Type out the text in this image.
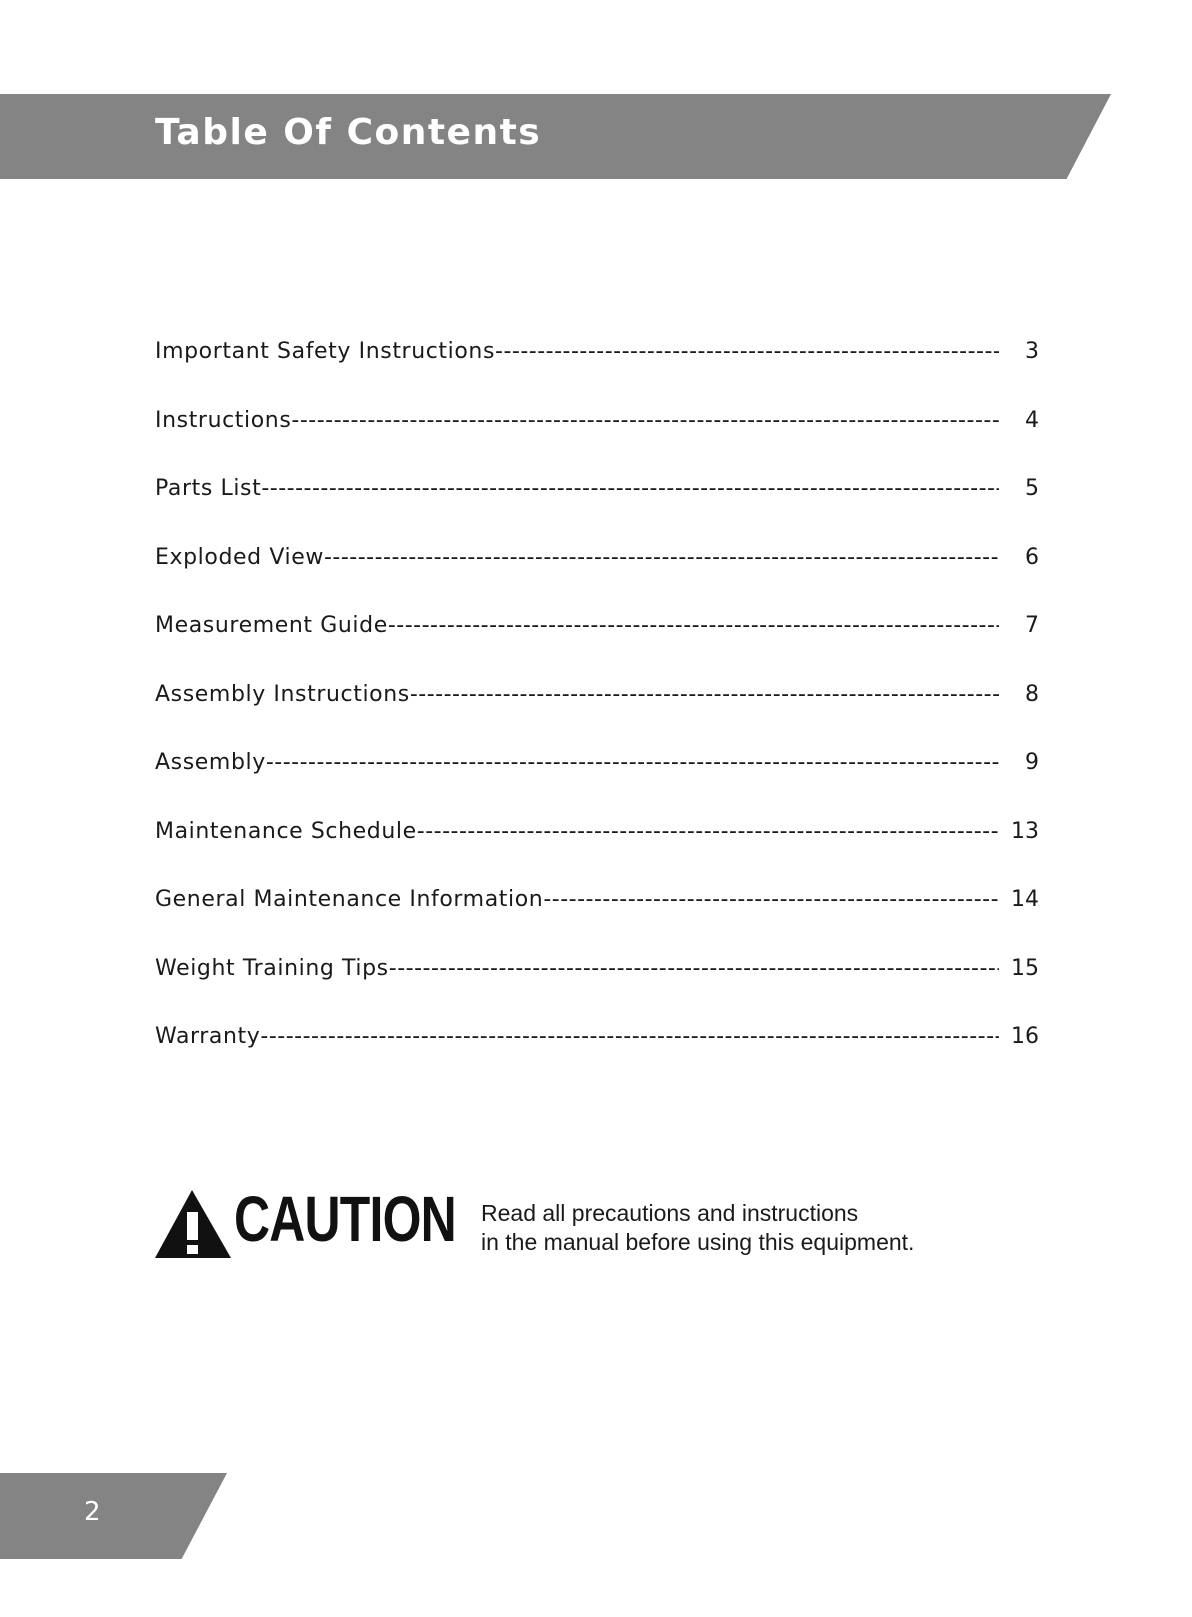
Table Of Contents
Important Safety Instructions -----	3
Instructions -----	4
Parts List -----	5
Exploded View -----	6
Measurement Guide -----	7
Assembly Instructions -----	8
Assembly -----	9
Maintenance Schedule -----	13
General Maintenance Information -----	14
Weight Training Tips -----	15
Warranty -----	16
CAUTION Read all precautions and instructions
in the manual before using this equipment.
2
